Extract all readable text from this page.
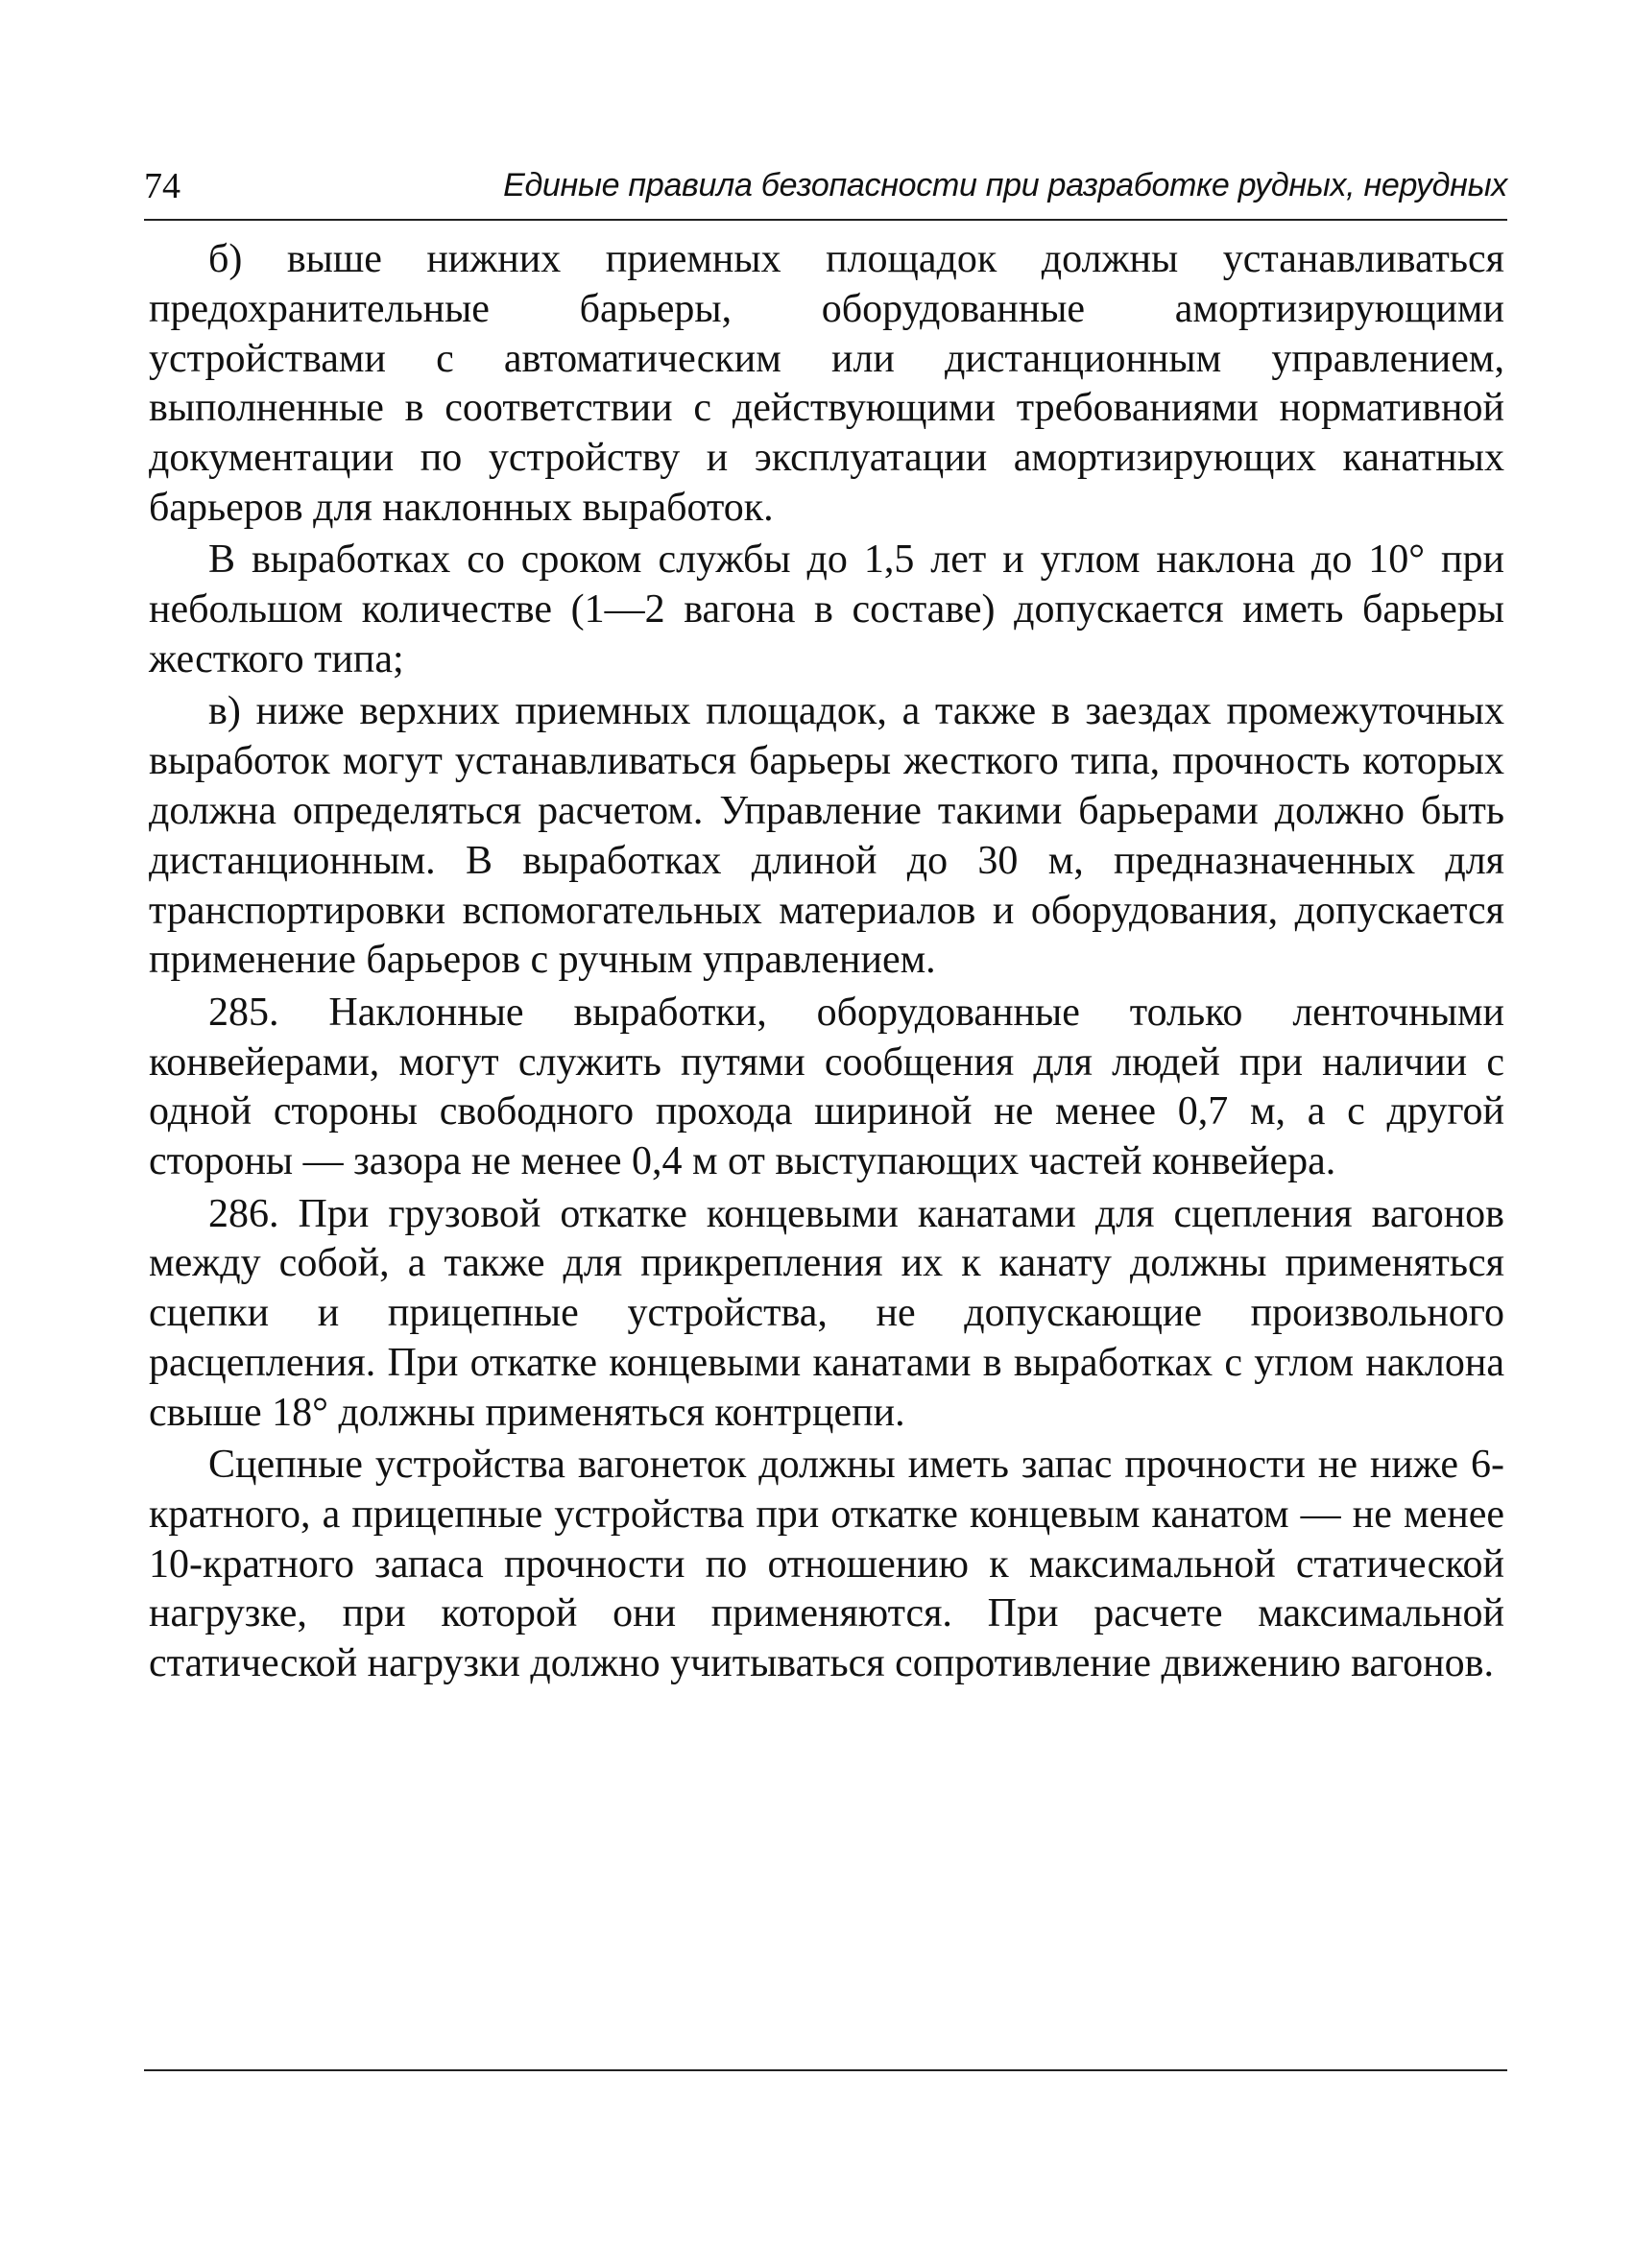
74	Единые правила безопасности при разработке рудных, нерудных

б) выше нижних приемных площадок должны устанавливаться предохранительные барьеры, оборудованные амортизирующими устройствами с автоматическим или дистанционным управлением, выполненные в соответствии с действующими требованиями нормативной документации по устройству и эксплуатации амортизирующих канатных барьеров для наклонных выработок.

В выработках со сроком службы до 1,5 лет и углом наклона до 10° при небольшом количестве (1—2 вагона в составе) допускается иметь барьеры жесткого типа;

в) ниже верхних приемных площадок, а также в заездах промежуточных выработок могут устанавливаться барьеры жесткого типа, прочность которых должна определяться расчетом. Управление такими барьерами должно быть дистанционным. В выработках длиной до 30 м, предназначенных для транспортировки вспомогательных материалов и оборудования, допускается применение барьеров с ручным управлением.

285. Наклонные выработки, оборудованные только ленточными конвейерами, могут служить путями сообщения для людей при наличии с одной стороны свободного прохода шириной не менее 0,7 м, а с другой стороны — зазора не менее 0,4 м от выступающих частей конвейера.

286. При грузовой откатке концевыми канатами для сцепления вагонов между собой, а также для прикрепления их к канату должны применяться сцепки и прицепные устройства, не допускающие произвольного расцепления. При откатке концевыми канатами в выработках с углом наклона свыше 18° должны применяться контрцепи.

Сцепные устройства вагонеток должны иметь запас прочности не ниже 6-кратного, а прицепные устройства при откатке концевым канатом — не менее 10-кратного запаса прочности по отношению к максимальной статической нагрузке, при которой они применяются. При расчете максимальной статической нагрузки должно учитываться сопротивление движению вагонов.
